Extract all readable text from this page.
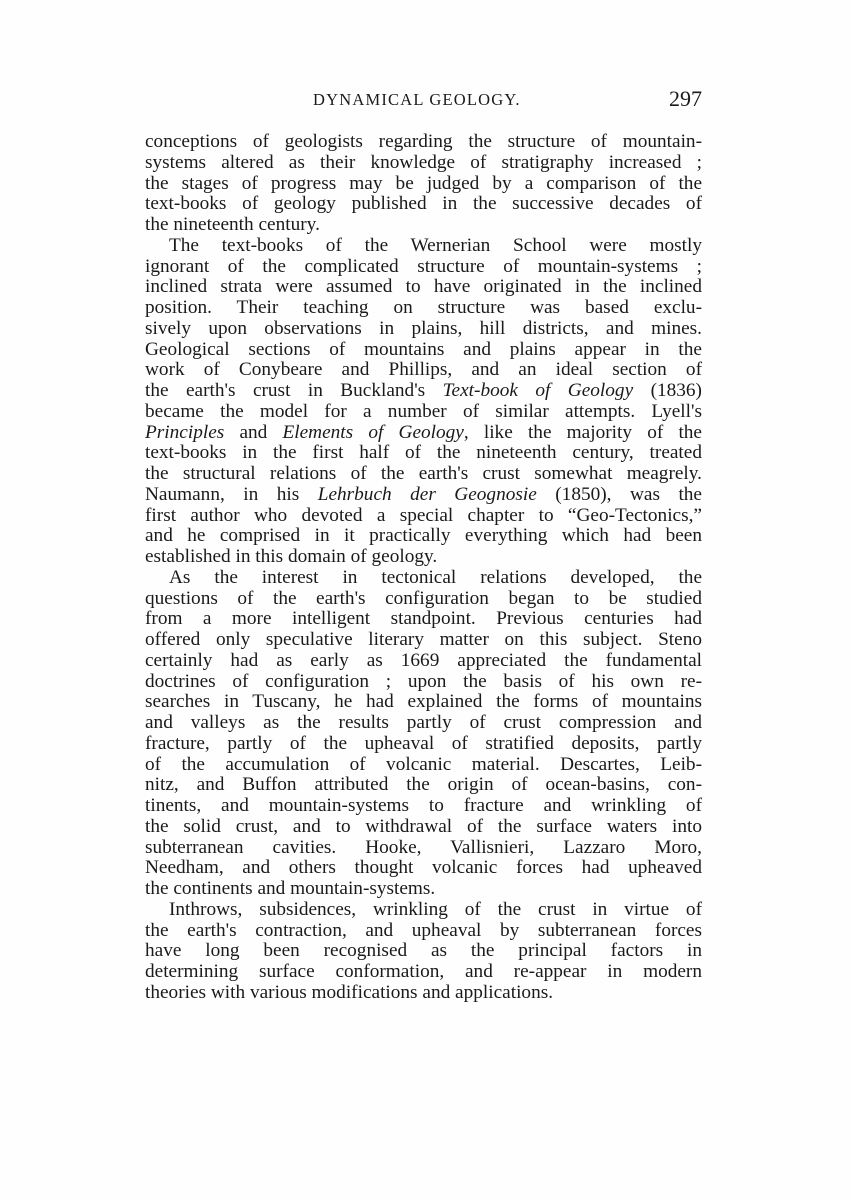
DYNAMICAL GEOLOGY.	297
conceptions of geologists regarding the structure of mountain-
systems altered as their knowledge of stratigraphy increased ;
the stages of progress may be judged by a comparison of the
text-books of geology published in the successive decades of
the nineteenth century.
The text-books of the Wernerian School were mostly
ignorant of the complicated structure of mountain-systems ;
inclined strata were assumed to have originated in the inclined
position. Their teaching on structure was based exclu-
sively upon observations in plains, hill districts, and mines.
Geological sections of mountains and plains appear in the
work of Conybeare and Phillips, and an ideal section of
the earth's crust in Buckland's Text-book of Geology (1836)
became the model for a number of similar attempts. Lyell's
Principles and Elements of Geology, like the majority of the
text-books in the first half of the nineteenth century, treated
the structural relations of the earth's crust somewhat meagrely.
Naumann, in his Lehrbuch der Geognosie (1850), was the
first author who devoted a special chapter to “Geo-Tectonics,”
and he comprised in it practically everything which had been
established in this domain of geology.
As the interest in tectonical relations developed, the
questions of the earth's configuration began to be studied
from a more intelligent standpoint. Previous centuries had
offered only speculative literary matter on this subject. Steno
certainly had as early as 1669 appreciated the fundamental
doctrines of configuration ; upon the basis of his own re-
searches in Tuscany, he had explained the forms of mountains
and valleys as the results partly of crust compression and
fracture, partly of the upheaval of stratified deposits, partly
of the accumulation of volcanic material. Descartes, Leib-
nitz, and Buffon attributed the origin of ocean-basins, con-
tinents, and mountain-systems to fracture and wrinkling of
the solid crust, and to withdrawal of the surface waters into
subterranean cavities. Hooke, Vallisnieri, Lazzaro Moro,
Needham, and others thought volcanic forces had upheaved
the continents and mountain-systems.
Inthrows, subsidences, wrinkling of the crust in virtue of
the earth's contraction, and upheaval by subterranean forces
have long been recognised as the principal factors in
determining surface conformation, and re-appear in modern
theories with various modifications and applications.
